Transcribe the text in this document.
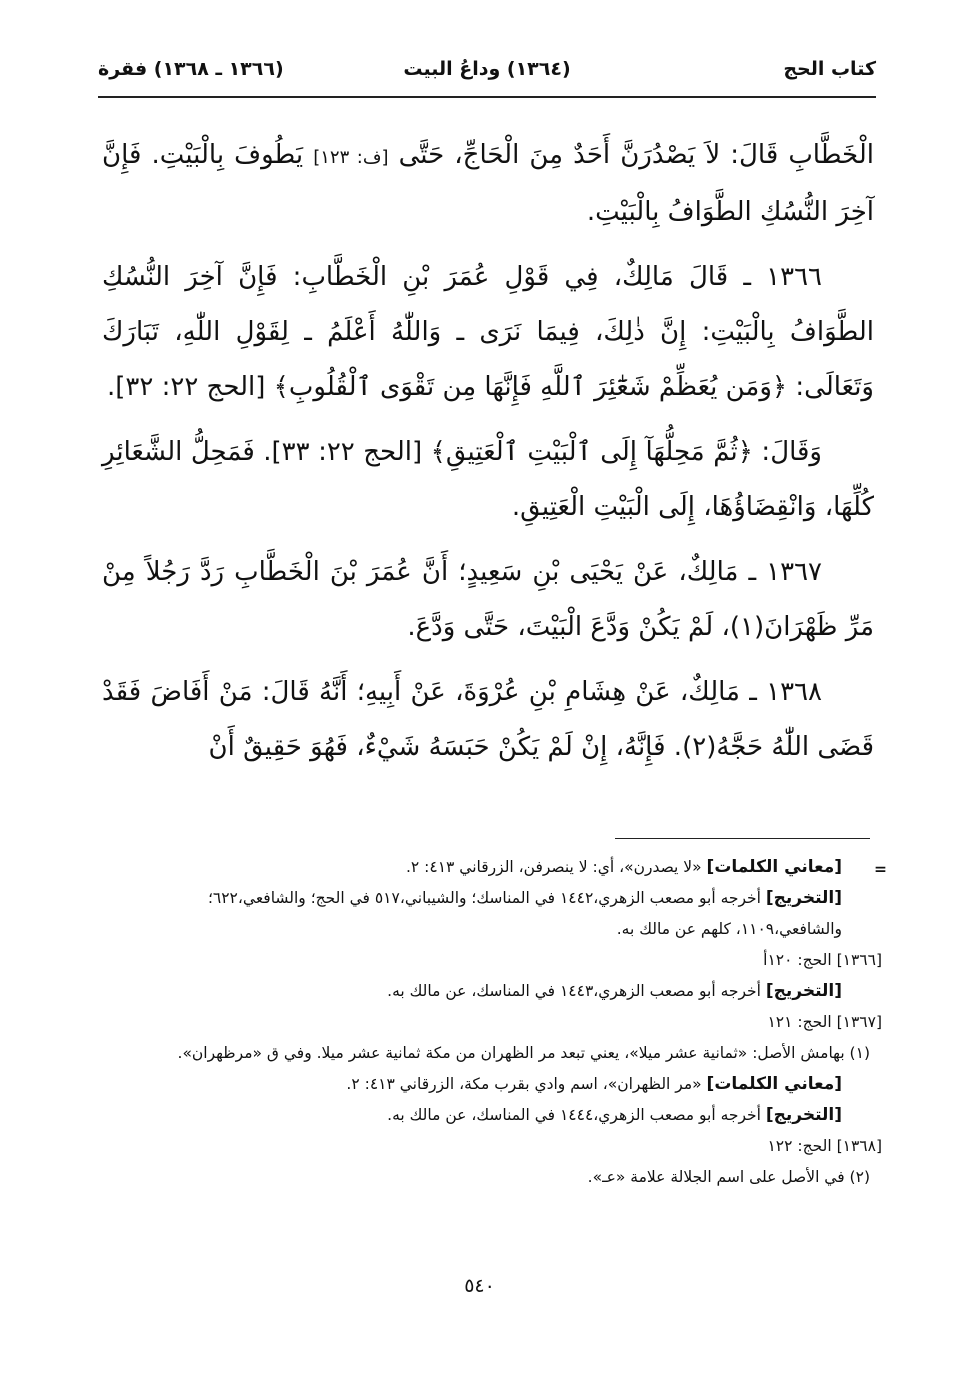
كتاب الحج
(١٣٦٤) وداعُ البيت
(١٣٦٦ ـ ١٣٦٨) فقرة

الْخَطَّابِ قَالَ: لاَ يَصْدُرَنَّ أَحَدٌ مِنَ الْحَاجِّ، حَتَّى [ف: ١٢٣] يَطُوفَ بِالْبَيْتِ. فَإِنَّ آخِرَ النُّسُكِ الطَّوَافُ بِالْبَيْتِ.

١٣٦٦ ـ قَالَ مَالِكٌ، فِي قَوْلِ عُمَرَ بْنِ الْخَطَّابِ: فَإِنَّ آخِرَ النُّسُكِ الطَّوَافُ بِالْبَيْتِ: إِنَّ ذٰلِكَ، فِيمَا نَرَى ـ وَاللّٰهُ أَعْلَمُ ـ لِقَوْلِ اللّٰهِ، تَبَارَكَ وَتَعَالَى: ﴿وَمَن يُعَظِّمْ شَعَٰٓئِرَ ٱللَّهِ فَإِنَّهَا مِن تَقْوَى ٱلْقُلُوبِ﴾ [الحج ٢٢: ٣٢].

وَقَالَ: ﴿ثُمَّ مَحِلُّهَآ إِلَى ٱلْبَيْتِ ٱلْعَتِيقِ﴾ [الحج ٢٢: ٣٣]. فَمَحِلُّ الشَّعَائِرِ كُلِّهَا، وَانْقِضَاؤُهَا، إِلَى الْبَيْتِ الْعَتِيقِ.

١٣٦٧ ـ مَالِكٌ، عَنْ يَحْيَى بْنِ سَعِيدٍ؛ أَنَّ عُمَرَ بْنَ الْخَطَّابِ رَدَّ رَجُلاً مِنْ مَرِّ ظَهْرَانَ(١)، لَمْ يَكُنْ وَدَّعَ الْبَيْتَ، حَتَّى وَدَّعَ.

١٣٦٨ ـ مَالِكٌ، عَنْ هِشَامِ بْنِ عُرْوَةَ، عَنْ أَبِيهِ؛ أَنَّهُ قَالَ: مَنْ أَفَاضَ فَقَدْ قَضَى اللّٰهُ حَجَّهُ(٢). فَإِنَّهُ، إِنْ لَمْ يَكُنْ حَبَسَهُ شَيْءٌ، فَهُوَ حَقِيقٌ أَنْ

=
[معاني الكلمات] «لا يصدرن»، أي: لا ينصرفن، الزرقاني ٤١٣: ٢.

[التخريج] أخرجه أبو مصعب الزهري،١٤٤٢ في المناسك؛ والشيباني،٥١٧ في الحج؛ والشافعي،٦٢٢؛ والشافعي،١١٠٩، كلهم عن مالك به.

[١٣٦٦] الحج: ١٢٠أ

[التخريج] أخرجه أبو مصعب الزهري،١٤٤٣ في المناسك، عن مالك به.

[١٣٦٧] الحج: ١٢١

(١) بهامش الأصل: «ثمانية عشر ميلا»، يعني تبعد مر الظهران من مكة ثمانية عشر ميلا. وفي ق «مرظهران».

[معاني الكلمات] «مر الظهران»، اسم وادي بقرب مكة، الزرقاني ٤١٣: ٢.

[التخريج] أخرجه أبو مصعب الزهري،١٤٤٤ في المناسك، عن مالك به.

[١٣٦٨] الحج: ١٢٢

(٢) في الأصل على اسم الجلالة علامة «عـ».

٥٤٠
